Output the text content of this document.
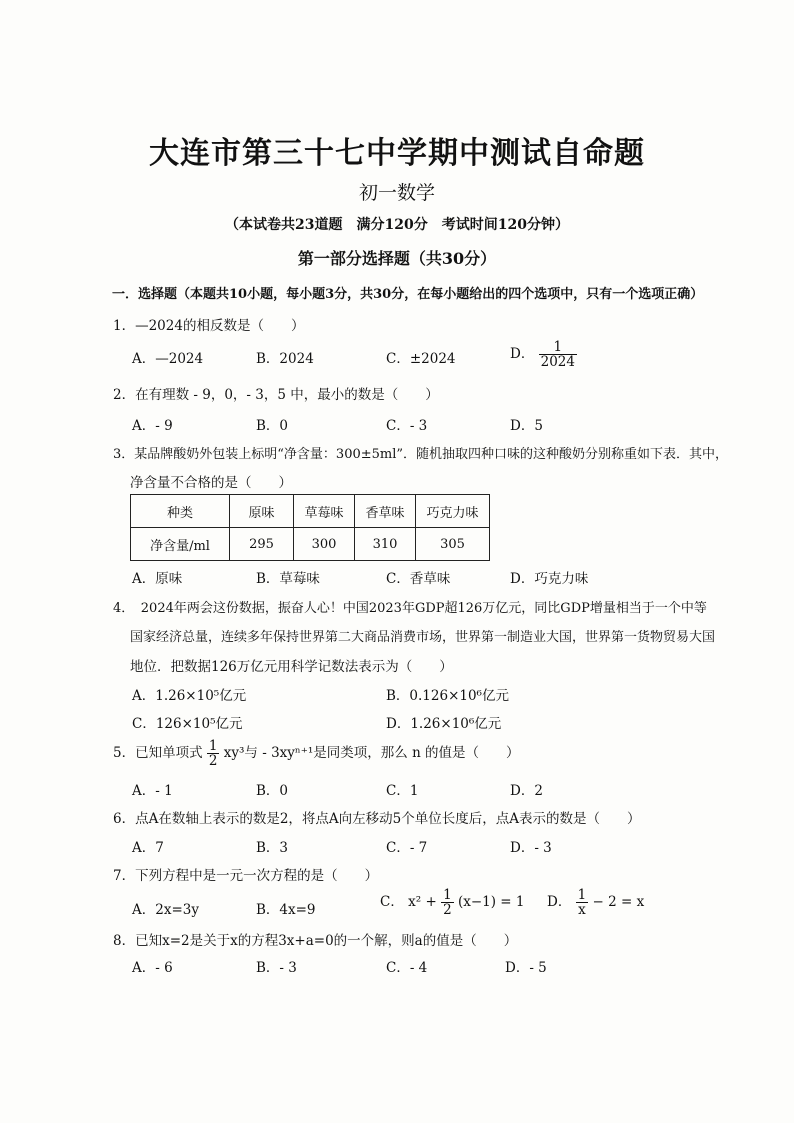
大连市第三十七中学期中测试自命题
初一数学
（本试卷共23道题　满分120分　考试时间120分钟）
第一部分选择题（共30分）
一．选择题（本题共10小题，每小题3分，共30分，在每小题给出的四个选项中，只有一个选项正确）
1．—2024的相反数是（　　）
A．—2024	B．2024	C．±2024	D． $\frac{1}{2024}$
2．在有理数 - 9，0，- 3，5 中，最小的数是（　　）
A．- 9	B．0	C．- 3	D．5
3．某品牌酸奶外包装上标明“净含量：300±5ml”．随机抽取四种口味的这种酸奶分别称重如下表．其中，
净含量不合格的是（　　）
种类	原味	草莓味	香草味	巧克力味
净含量/ml	295	300	310	305
A．原味	B．草莓味	C．香草味	D．巧克力味
4．　2024年两会这份数据，振奋人心！中国2023年GDP超126万亿元，同比GDP增量相当于一个中等
国家经济总量，连续多年保持世界第二大商品消费市场，世界第一制造业大国，世界第一货物贸易大国
地位．把数据126万亿元用科学记数法表示为（　　）
A．1.26×10⁵亿元	B．0.126×10⁶亿元
C．126×10⁵亿元	D．1.26×10⁶亿元
5．已知单项式 $\frac{1}{2} xy^3$与 - 3xyⁿ⁺¹是同类项，那么 n 的值是（　　）
A．- 1	B．0	C．1	D．2
6．点A在数轴上表示的数是2，将点A向左移动5个单位长度后，点A表示的数是（　　）
A．7	B．3	C．- 7	D．- 3
7．下列方程中是一元一次方程的是（　　）
A．2x=3y	B．4x=9	C． $x^2 + \frac{1}{2} (x-1) = 1$ D． $\frac{1}{x} - 2 = x$
8．已知x=2是关于x的方程3x+a=0的一个解，则a的值是（　　）
A．- 6	B．- 3	C．- 4	D．- 5
